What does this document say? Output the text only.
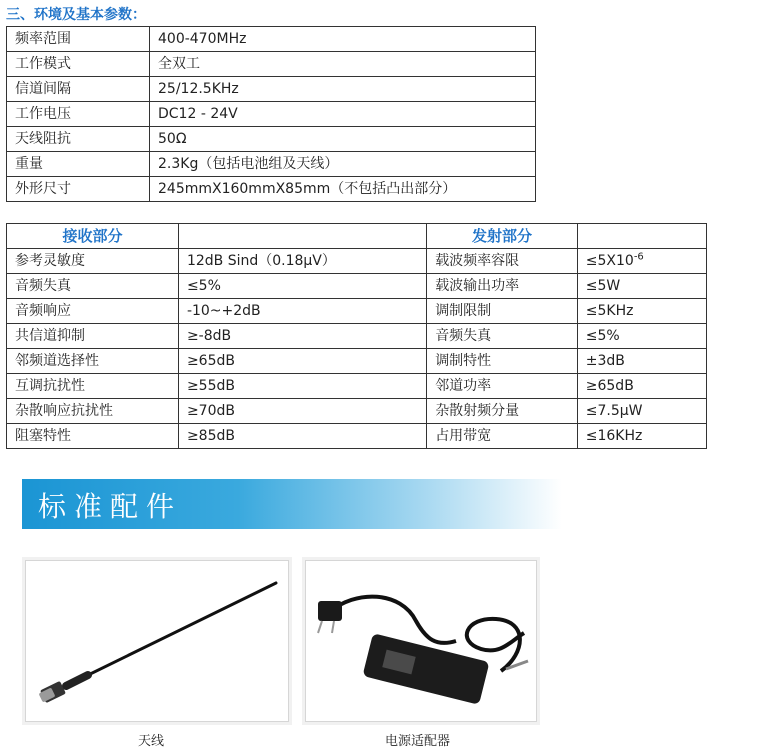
三、环境及基本参数：
频率范围	400-470MHz
工作模式	全双工
信道间隔	25/12.5KHz
工作电压	DC12 - 24V
天线阻抗	50Ω
重量	2.3Kg（包括电池组及天线）
外形尺寸	245mmX160mmX85mm（不包括凸出部分）
接收部分		发射部分	
参考灵敏度	12dB Sind（0.18µV）	载波频率容限	$\le 5X10^{-6}$
音频失真	≤5%	载波输出功率	≤5W
音频响应	-10~+2dB	调制限制	≤5KHz
共信道抑制	≥-8dB	音频失真	≤5%
邻频道选择性	≥65dB	调制特性	±3dB
互调抗扰性	≥55dB	邻道功率	≥65dB
杂散响应抗扰性	≥70dB	杂散射频分量	≤7.5µW
阻塞特性	≥85dB	占用带宽	≤16KHz
标准配件
天线	电源适配器
